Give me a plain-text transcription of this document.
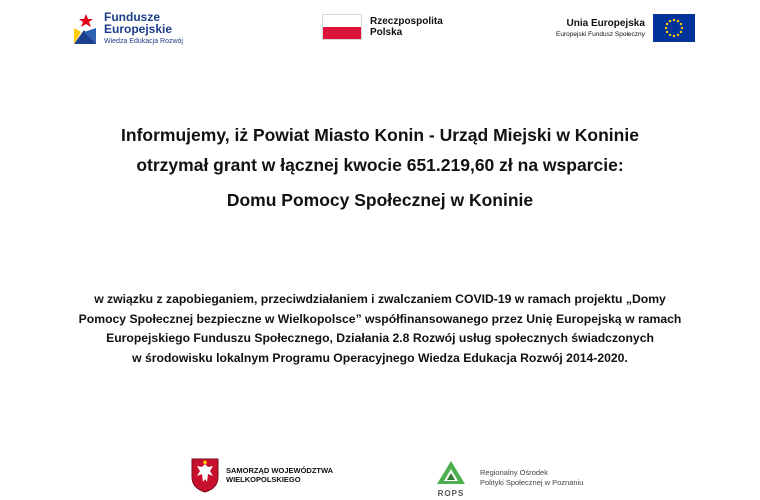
Fundusze
Europejskie
Wiedza Edukacja Rozwój
Rzeczpospolita
Polska
Unia Europejska
Europejski Fundusz Społeczny
Informujemy, iż Powiat Miasto Konin - Urząd Miejski w Koninie
otrzymał grant w łącznej kwocie 651.219,60 zł na wsparcie:
Domu Pomocy Społecznej w Koninie
w związku z zapobieganiem, przeciwdziałaniem i zwalczaniem COVID-19 w ramach projektu „Domy
Pomocy Społecznej bezpieczne w Wielkopolsce” współfinansowanego przez Unię Europejską w ramach
Europejskiego Funduszu Społecznego, Działania 2.8 Rozwój usług społecznych świadczonych
w środowisku lokalnym Programu Operacyjnego Wiedza Edukacja Rozwój 2014-2020.
SAMORZĄD WOJEWÓDZTWA
WIELKOPOLSKIEGO
ROPS
Regionalny Ośrodek
Polityki Społecznej w Poznaniu
